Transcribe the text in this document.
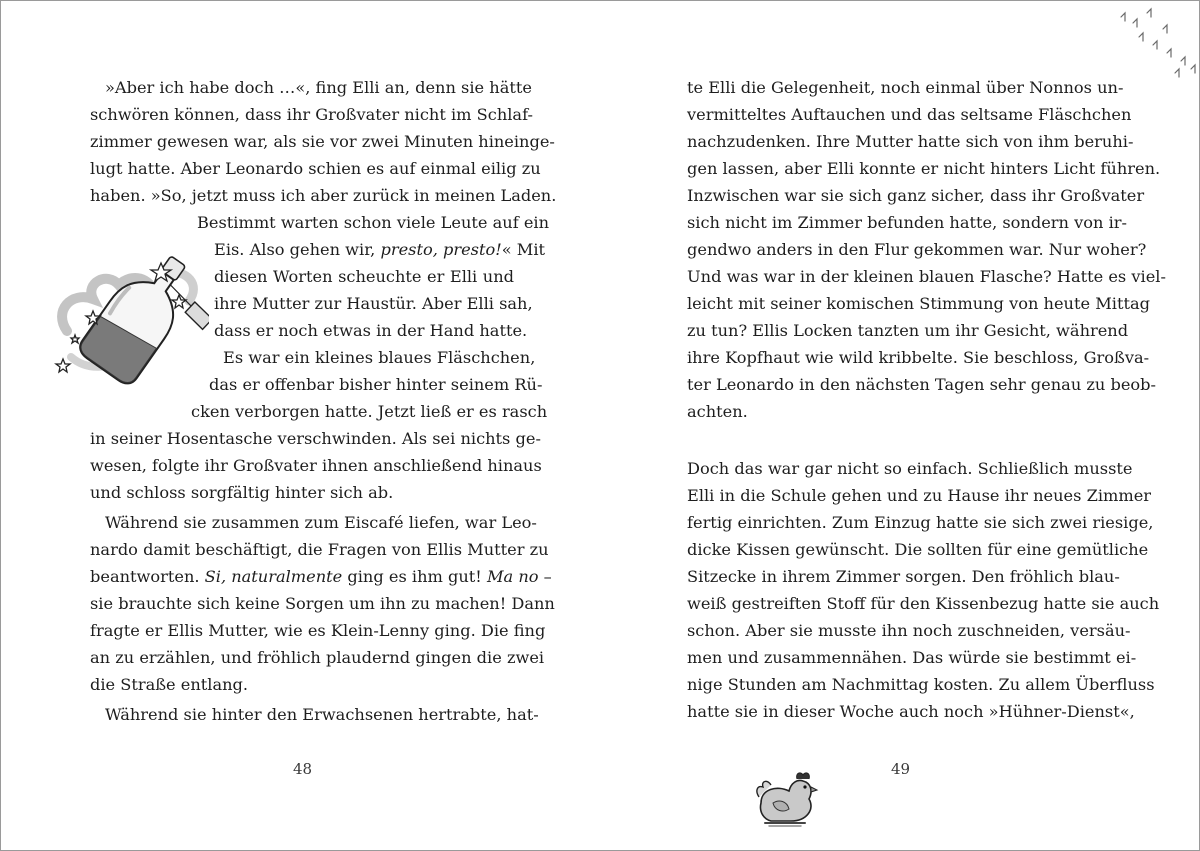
»Aber ich habe doch …«, fing Elli an, denn sie hätte
schwören können, dass ihr Großvater nicht im Schlaf-
zimmer gewesen war, als sie vor zwei Minuten hineinge-
lugt hatte. Aber Leonardo schien es auf einmal eilig zu
haben. »So, jetzt muss ich aber zurück in meinen Laden.
Bestimmt warten schon viele Leute auf ein
Eis. Also gehen wir, presto, presto!« Mit
diesen Worten scheuchte er Elli und
ihre Mutter zur Haustür. Aber Elli sah,
dass er noch etwas in der Hand hatte.
Es war ein kleines blaues Fläschchen,
das er offenbar bisher hinter seinem Rü-
cken verborgen hatte. Jetzt ließ er es rasch
in seiner Hosentasche verschwinden. Als sei nichts ge-
wesen, folgte ihr Großvater ihnen anschließend hinaus
und schloss sorgfältig hinter sich ab.
Während sie zusammen zum Eiscafé liefen, war Leo-
nardo damit beschäftigt, die Fragen von Ellis Mutter zu
beantworten. Si, naturalmente ging es ihm gut! Ma no –
sie brauchte sich keine Sorgen um ihn zu machen! Dann
fragte er Ellis Mutter, wie es Klein-Lenny ging. Die fing
an zu erzählen, und fröhlich plaudernd gingen die zwei
die Straße entlang.
Während sie hinter den Erwachsenen hertrabte, hat-
48
te Elli die Gelegenheit, noch einmal über Nonnos un-
vermitteltes Auftauchen und das seltsame Fläschchen
nachzudenken. Ihre Mutter hatte sich von ihm beruhi-
gen lassen, aber Elli konnte er nicht hinters Licht führen.
Inzwischen war sie sich ganz sicher, dass ihr Großvater
sich nicht im Zimmer befunden hatte, sondern von ir-
gendwo anders in den Flur gekommen war. Nur woher?
Und was war in der kleinen blauen Flasche? Hatte es viel-
leicht mit seiner komischen Stimmung von heute Mittag
zu tun? Ellis Locken tanzten um ihr Gesicht, während
ihre Kopfhaut wie wild kribbelte. Sie beschloss, Großva-
ter Leonardo in den nächsten Tagen sehr genau zu beob-
achten.
Doch das war gar nicht so einfach. Schließlich musste
Elli in die Schule gehen und zu Hause ihr neues Zimmer
fertig einrichten. Zum Einzug hatte sie sich zwei riesige,
dicke Kissen gewünscht. Die sollten für eine gemütliche
Sitzecke in ihrem Zimmer sorgen. Den fröhlich blau-
weiß gestreiften Stoff für den Kissenbezug hatte sie auch
schon. Aber sie musste ihn noch zuschneiden, versäu-
men und zusammennähen. Das würde sie bestimmt ei-
nige Stunden am Nachmittag kosten. Zu allem Überfluss
hatte sie in dieser Woche auch noch »Hühner-Dienst«,
49
